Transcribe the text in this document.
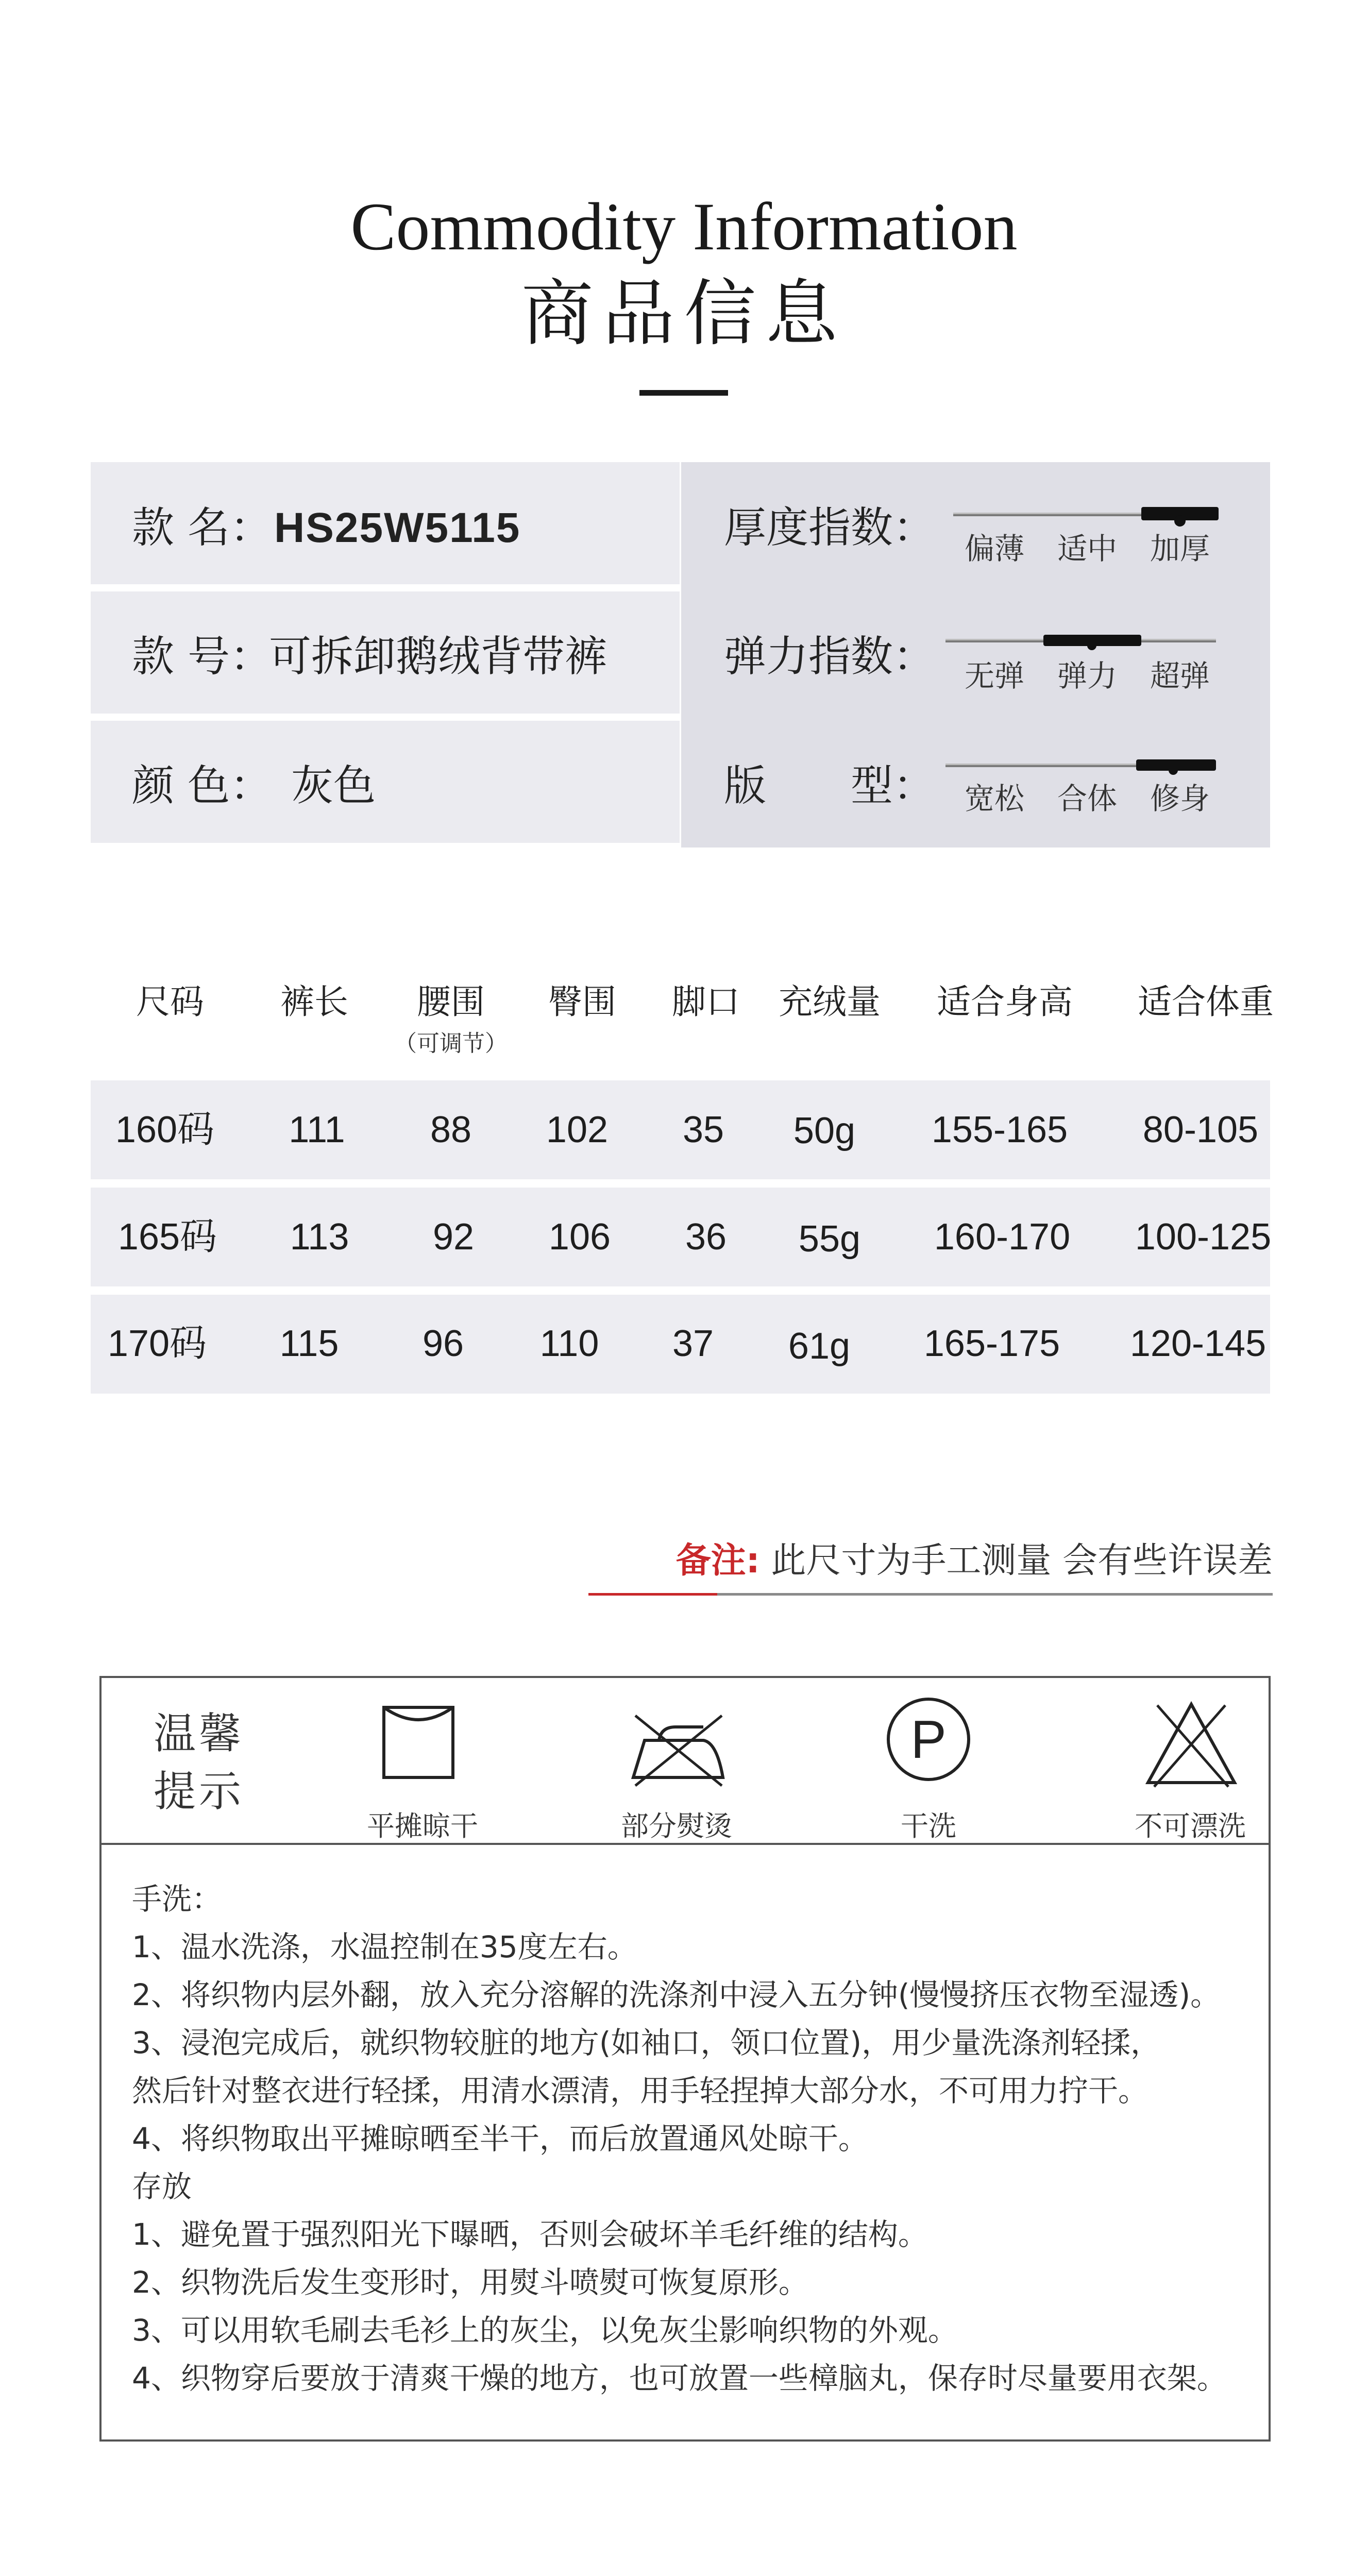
Commodity Information
商品信息
款 名： HS25W5115
款 号：
可拆卸鹅绒背带裤
颜 色： 灰色
厚度指数： 偏薄	适中	加厚
弹力指数： 无弹	弹力	超弹
版　　型： 宽松	合体	修身
尺码	裤长	腰围
（可调节）
臀围	脚口	充绒量	适合身高	适合体重
160码	111	88	102	35	50g	155-165	80-105
165码	113	92	106	36	55g	160-170	100-125
170码	115	96	110	37	61g	165-175	120-145
备注: 此尺寸为手工测量 会有些许误差
温馨
提示
平摊晾干	部分熨烫
P
干洗	不可漂洗
手洗：
1、温水洗涤，水温控制在35度左右。
2、将织物内层外翻，放入充分溶解的洗涤剂中浸入五分钟(慢慢挤压衣物至湿透)。
3、浸泡完成后，就织物较脏的地方(如袖口，领口位置)，用少量洗涤剂轻揉，
然后针对整衣进行轻揉，用清水漂清，用手轻捏掉大部分水，不可用力拧干。
4、将织物取出平摊晾晒至半干，而后放置通风处晾干。
存放
1、避免置于强烈阳光下曝晒，否则会破坏羊毛纤维的结构。
2、织物洗后发生变形时，用熨斗喷熨可恢复原形。
3、可以用软毛刷去毛衫上的灰尘，以免灰尘影响织物的外观。
4、织物穿后要放于清爽干燥的地方，也可放置一些樟脑丸，保存时尽量要用衣架。
